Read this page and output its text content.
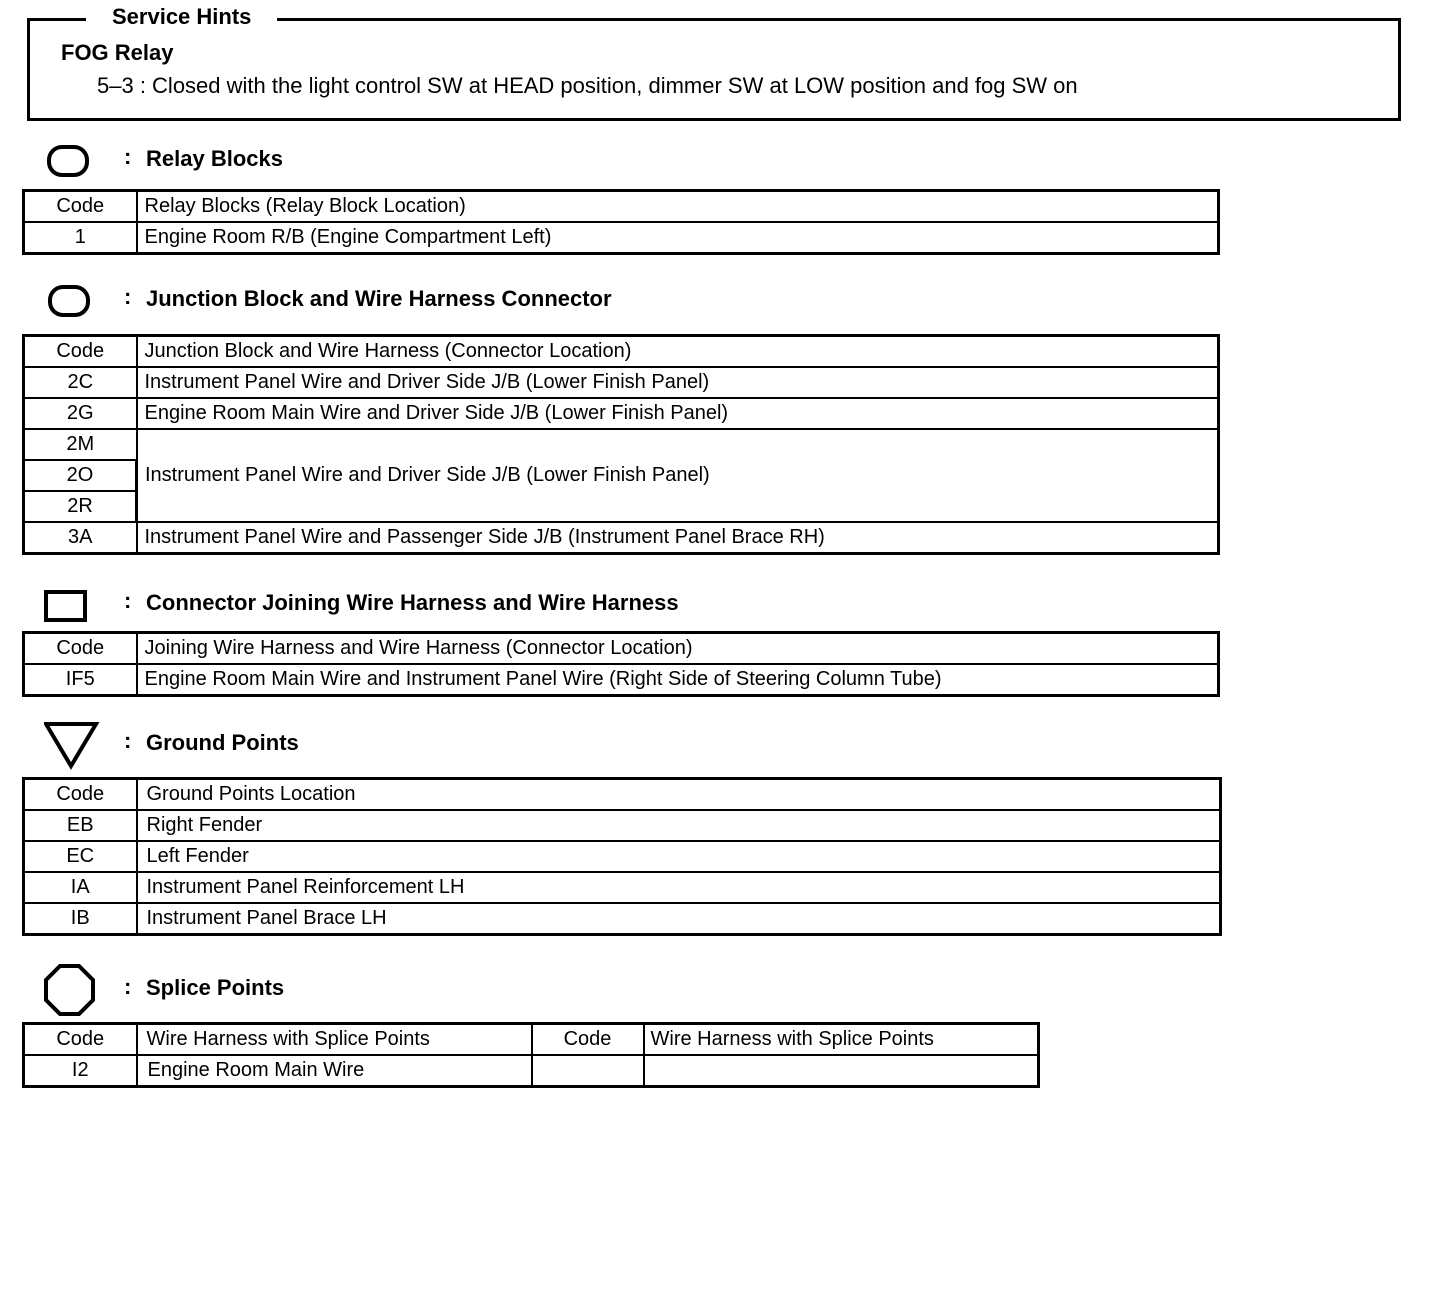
FOG Relay
5–3 : Closed with the light control SW at HEAD position, dimmer SW at LOW position and fog SW on
Service Hints
: Relay Blocks
Code	Relay Blocks (Relay Block Location)
1	Engine Room R/B (Engine Compartment Left)
: Junction Block and Wire Harness Connector
Code	Junction Block and Wire Harness (Connector Location)
2C	Instrument Panel Wire and Driver Side J/B (Lower Finish Panel)
2G	Engine Room Main Wire and Driver Side J/B (Lower Finish Panel)
2M	Instrument Panel Wire and Driver Side J/B (Lower Finish Panel)
2O	
2R	
3A	Instrument Panel Wire and Passenger Side J/B (Instrument Panel Brace RH)
: Connector Joining Wire Harness and Wire Harness
Code	Joining Wire Harness and Wire Harness (Connector Location)
IF5	Engine Room Main Wire and Instrument Panel Wire (Right Side of Steering Column Tube)
: Ground Points
Code	Ground Points Location
EB	Right Fender
EC	Left Fender
IA	Instrument Panel Reinforcement LH
IB	Instrument Panel Brace LH
: Splice Points
Code	Wire Harness with Splice Points	Code	Wire Harness with Splice Points
I2	Engine Room Main Wire		
